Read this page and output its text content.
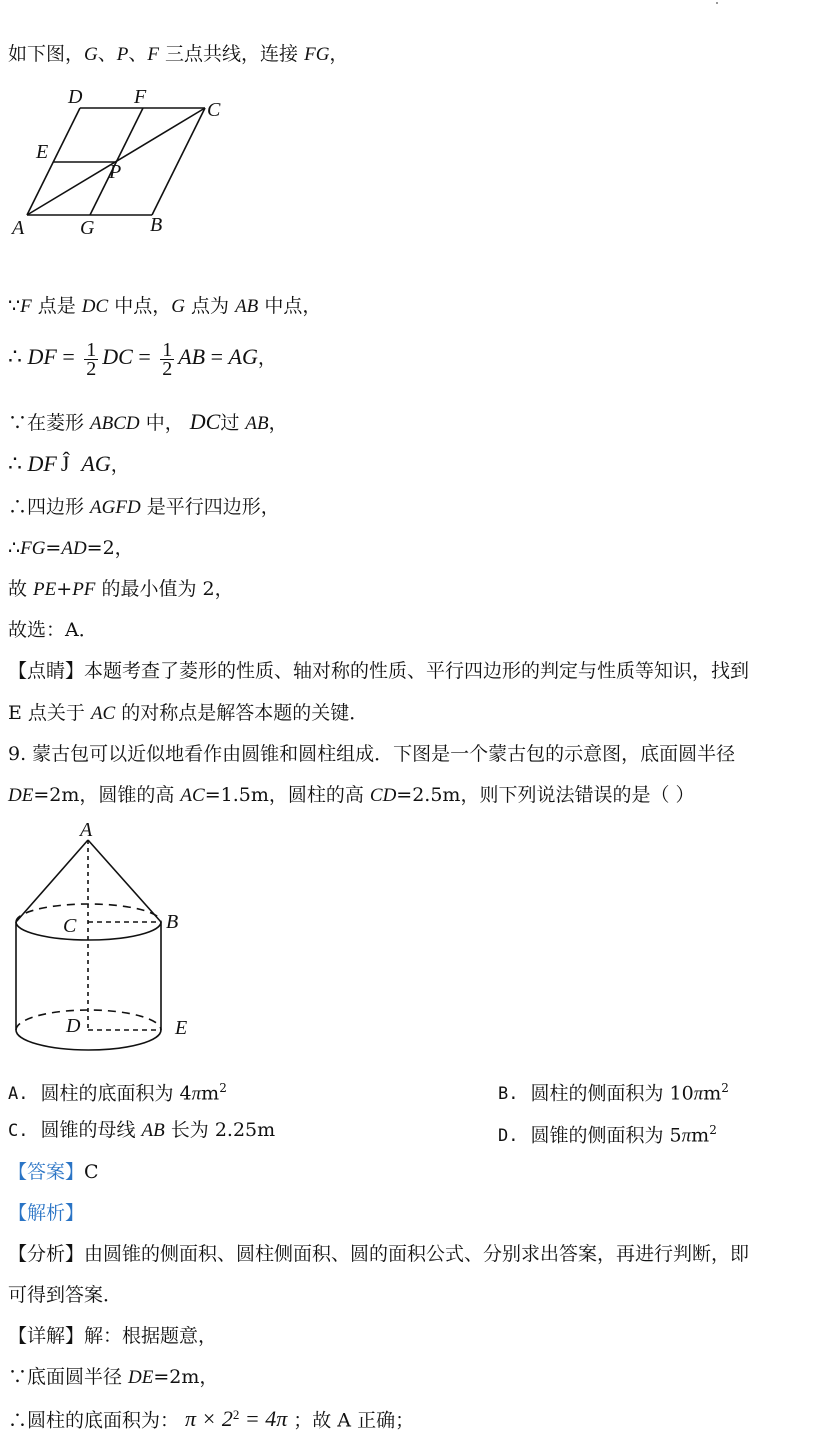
如下图，G、P、F 三点共线，连接 FG，
D	F
C
E
P
A	G	B
∵F 点是 DC 中点，G 点为 AB 中点，
∴ DF = $\frac{1}{2}$ DC = $\frac{1}{2}$ AB = AG，
∵在菱形 ABCD 中， DC过 AB，
∴ DF Ĵ AG，
∴四边形 AGFD 是平行四边形，
∴FG=AD=2，
故 PE+PF 的最小值为 2，
故选：A．
【点睛】本题考查了菱形的性质、轴对称的性质、平行四边形的判定与性质等知识，找到
E 点关于 AC 的对称点是解答本题的关键．
9. 蒙古包可以近似地看作由圆锥和圆柱组成．下图是一个蒙古包的示意图，底面圆半径
DE=2m，圆锥的高 AC=1.5m，圆柱的高 CD=2.5m，则下列说法错误的是（ ）
A
C	B
D	E
A. 圆柱的底面积为 $4\pi m^2$	B. 圆柱的侧面积为 $10\pi m^2$
C. 圆锥的母线 AB 长为 2.25m	D. 圆锥的侧面积为 $5\pi m^2$
【答案】C
【解析】
【分析】由圆锥的侧面积、圆柱侧面积、圆的面积公式、分别求出答案，再进行判断，即
可得到答案．
【详解】解：根据题意，
∵底面圆半径 DE=2m，
∴圆柱的底面积为： $\pi \times 2^2 = 4\pi$ ；故 A 正确；
